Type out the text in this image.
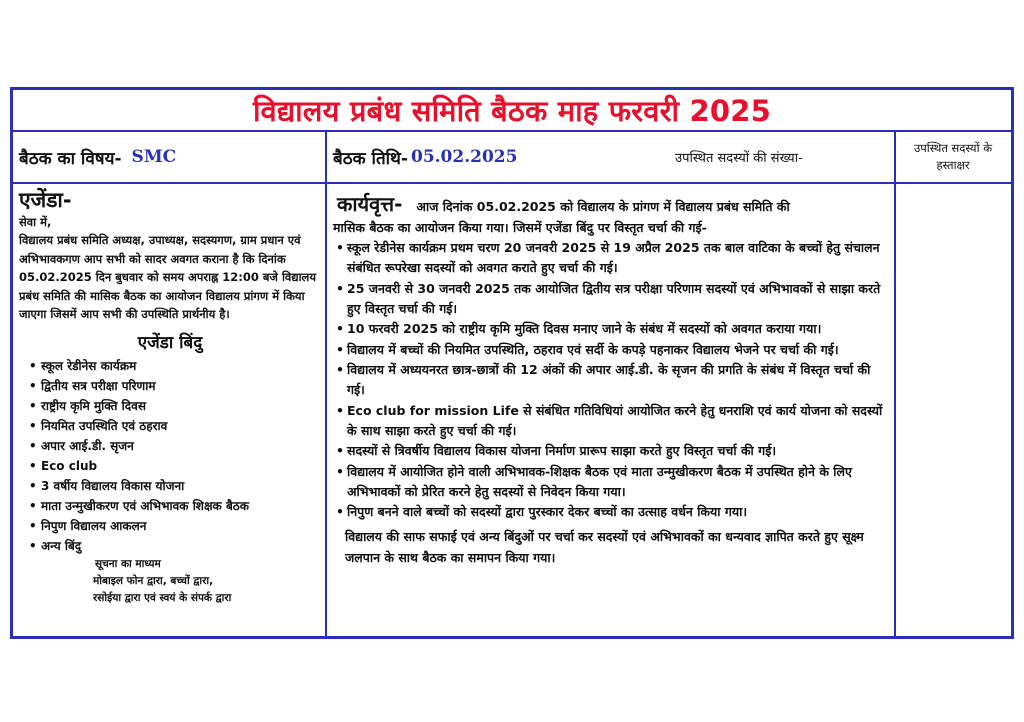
विद्यालय प्रबंध समिति बैठक माह फरवरी 2025
बैठक का विषय- SMC	बैठक तिथि- 05.02.2025	उपस्थित सदस्यों की संख्या-
उपस्थित सदस्यों के हस्ताक्षर
एजेंडा-
सेवा में,
विद्यालय प्रबंध समिति अध्यक्ष, उपाध्यक्ष, सदस्यगण, ग्राम प्रधान एवं अभिभावकगण आप सभी को सादर अवगत कराना है कि दिनांक 05.02.2025 दिन बुधवार को समय अपराह्न 12:00 बजे विद्यालय प्रबंध समिति की मासिक बैठक का आयोजन विद्यालय प्रांगण में किया जाएगा जिसमें आप सभी की उपस्थिति प्रार्थनीय है।
एजेंडा बिंदु
• स्कूल रेडीनेस कार्यक्रम
• द्वितीय सत्र परीक्षा परिणाम
• राष्ट्रीय कृमि मुक्ति दिवस
• नियमित उपस्थिति एवं ठहराव
• अपार आई.डी. सृजन
• Eco club
• 3 वर्षीय विद्यालय विकास योजना
• माता उन्मुखीकरण एवं अभिभावक शिक्षक बैठक
• निपुण विद्यालय आकलन
• अन्य बिंदु
सूचना का माध्यम
मोबाइल फोन द्वारा, बच्चों द्वारा,
रसोईया द्वारा एवं स्वयं के संपर्क द्वारा
कार्यवृत्त- आज दिनांक 05.02.2025 को विद्यालय के प्रांगण में विद्यालय प्रबंध समिति की
मासिक बैठक का आयोजन किया गया। जिसमें एजेंडा बिंदु पर विस्तृत चर्चा की गई-
• स्कूल रेडीनेस कार्यक्रम प्रथम चरण 20 जनवरी 2025 से 19 अप्रैल 2025 तक बाल वाटिका के बच्चों हेतु संचालन संबंधित रूपरेखा सदस्यों को अवगत कराते हुए चर्चा की गई।
• 25 जनवरी से 30 जनवरी 2025 तक आयोजित द्वितीय सत्र परीक्षा परिणाम सदस्यों एवं अभिभावकों से साझा करते हुए विस्तृत चर्चा की गई।
• 10 फरवरी 2025 को राष्ट्रीय कृमि मुक्ति दिवस मनाए जाने के संबंध में सदस्यों को अवगत कराया गया।
• विद्यालय में बच्चों की नियमित उपस्थिति, ठहराव एवं सर्दी के कपड़े पहनाकर विद्यालय भेजने पर चर्चा की गई।
• विद्यालय में अध्ययनरत छात्र-छात्रों की 12 अंकों की अपार आई.डी. के सृजन की प्रगति के संबंध में विस्तृत चर्चा की गई।
• Eco club for mission Life से संबंधित गतिविधियां आयोजित करने हेतु धनराशि एवं कार्य योजना को सदस्यों के साथ साझा करते हुए चर्चा की गई।
• सदस्यों से त्रिवर्षीय विद्यालय विकास योजना निर्माण प्रारूप साझा करते हुए विस्तृत चर्चा की गई।
• विद्यालय में आयोजित होने वाली अभिभावक-शिक्षक बैठक एवं माता उन्मुखीकरण बैठक में उपस्थित होने के लिए अभिभावकों को प्रेरित करने हेतु सदस्यों से निवेदन किया गया।
• निपुण बनने वाले बच्चों को सदस्यों द्वारा पुरस्कार देकर बच्चों का उत्साह वर्धन किया गया।
विद्यालय की साफ सफाई एवं अन्य बिंदुओं पर चर्चा कर सदस्यों एवं अभिभावकों का धन्यवाद ज्ञापित करते हुए सूक्ष्म जलपान के साथ बैठक का समापन किया गया।
